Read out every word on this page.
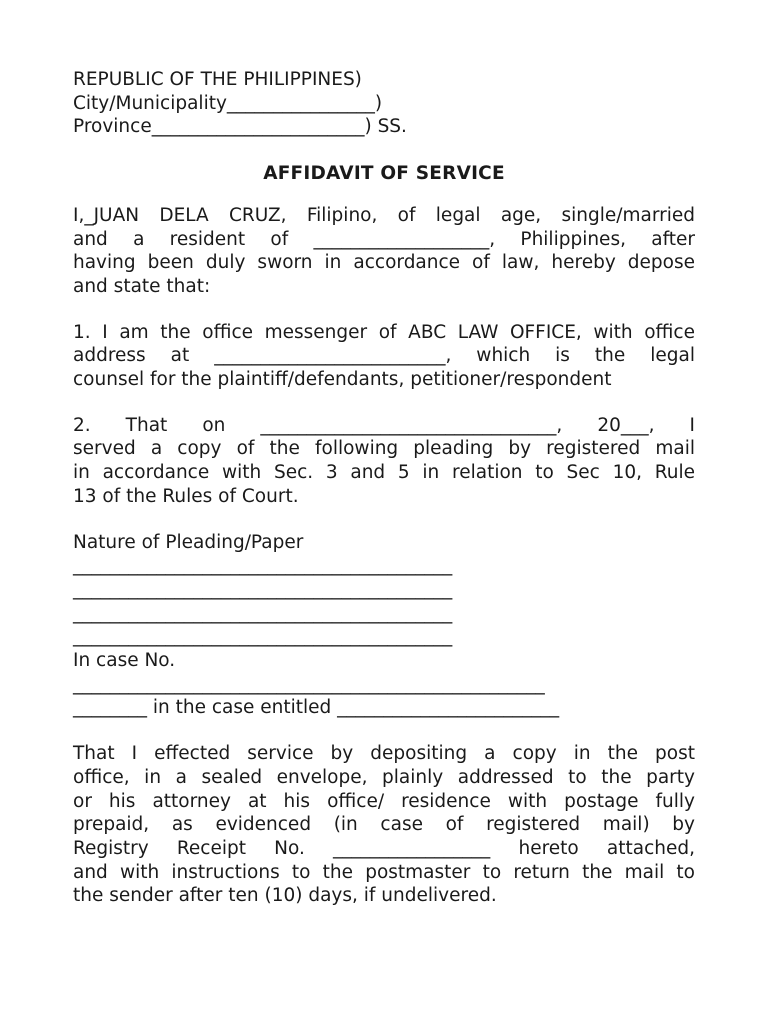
REPUBLIC OF THE PHILIPPINES)
City/Municipality________________)
Province_______________________) SS.
AFFIDAVIT OF SERVICE
I,_JUAN DELA CRUZ, Filipino, of legal age, single/married
and a resident of ___________________, Philippines, after
having been duly sworn in accordance of law, hereby depose
and state that:
1. I am the office messenger of ABC LAW OFFICE, with office
address at _________________________, which is the legal
counsel for the plaintiff/defendants, petitioner/respondent
2. That on ________________________________, 20___, I
served a copy of the following pleading by registered mail
in accordance with Sec. 3 and 5 in relation to Sec 10, Rule
13 of the Rules of Court.
Nature of Pleading/Paper
_________________________________________
_________________________________________
_________________________________________
_________________________________________
In case No.
___________________________________________________
________ in the case entitled ________________________
That I effected service by depositing a copy in the post
office, in a sealed envelope, plainly addressed to the party
or his attorney at his office/ residence with postage fully
prepaid, as evidenced (in case of registered mail) by
Registry Receipt No. _________________ hereto attached,
and with instructions to the postmaster to return the mail to
the sender after ten (10) days, if undelivered.
